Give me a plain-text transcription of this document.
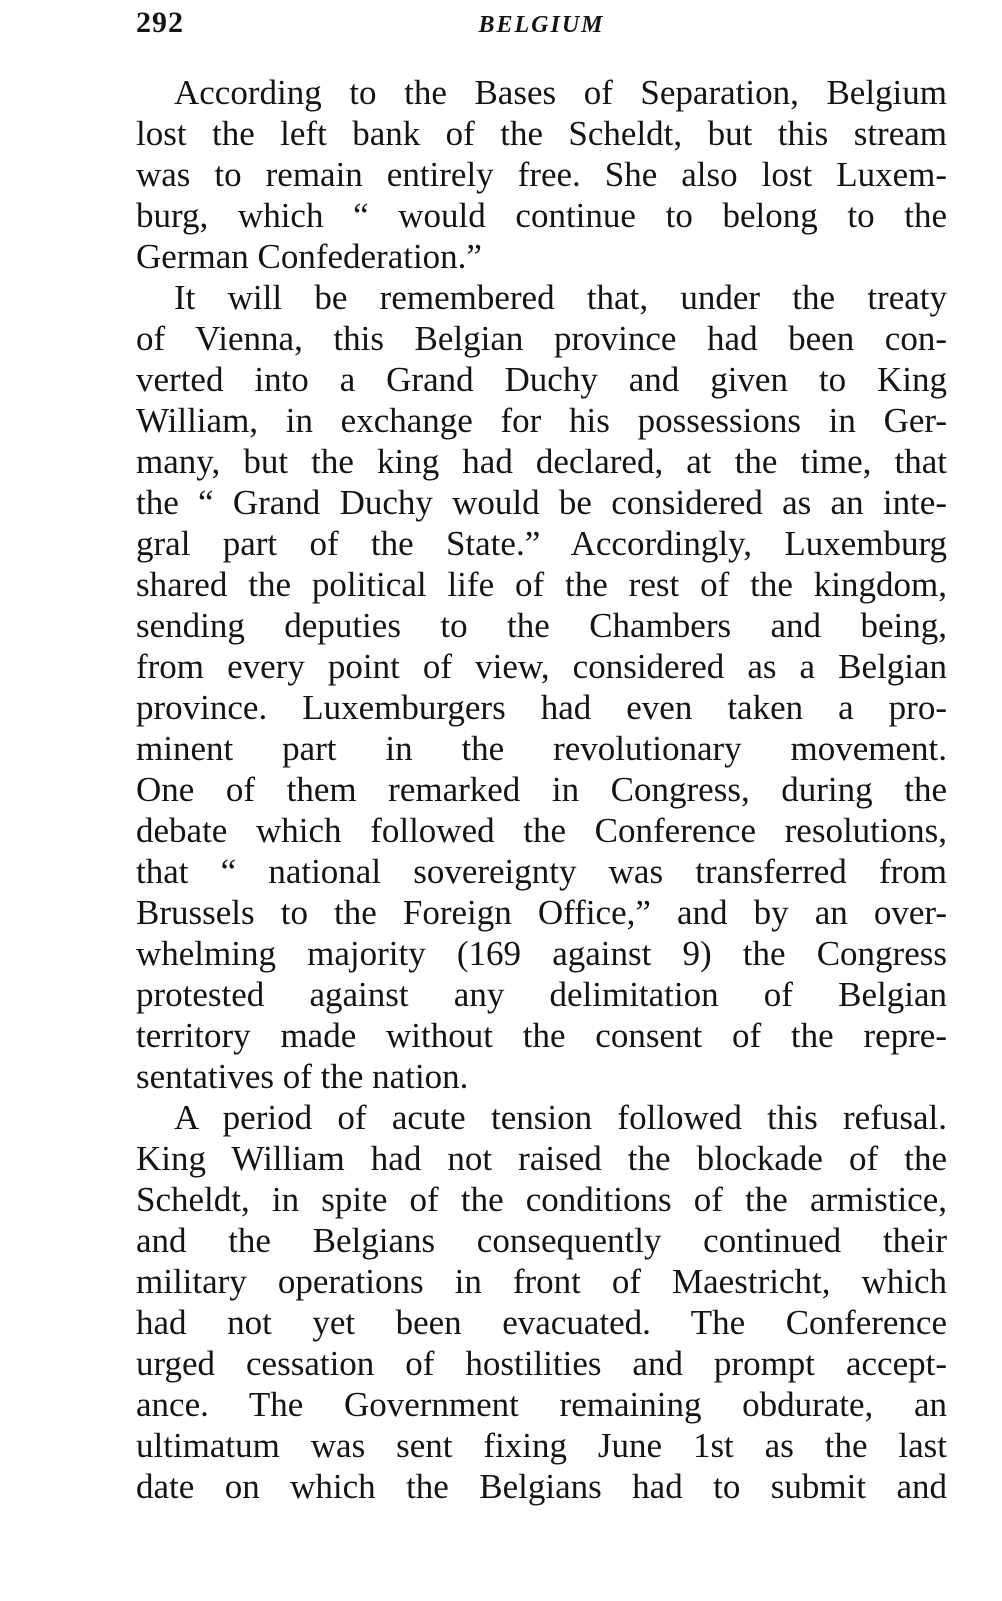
292	BELGIUM
According to the Bases of Separation, Belgium
lost the left bank of the Scheldt, but this stream
was to remain entirely free. She also lost Luxem-
burg, which “ would continue to belong to the
German Confederation.”
It will be remembered that, under the treaty
of Vienna, this Belgian province had been con-
verted into a Grand Duchy and given to King
William, in exchange for his possessions in Ger-
many, but the king had declared, at the time, that
the “ Grand Duchy would be considered as an inte-
gral part of the State.” Accordingly, Luxemburg
shared the political life of the rest of the kingdom,
sending deputies to the Chambers and being,
from every point of view, considered as a Belgian
province. Luxemburgers had even taken a pro-
minent part in the revolutionary movement.
One of them remarked in Congress, during the
debate which followed the Conference resolutions,
that “ national sovereignty was transferred from
Brussels to the Foreign Office,” and by an over-
whelming majority (169 against 9) the Congress
protested against any delimitation of Belgian
territory made without the consent of the repre-
sentatives of the nation.
A period of acute tension followed this refusal.
King William had not raised the blockade of the
Scheldt, in spite of the conditions of the armistice,
and the Belgians consequently continued their
military operations in front of Maestricht, which
had not yet been evacuated. The Conference
urged cessation of hostilities and prompt accept-
ance. The Government remaining obdurate, an
ultimatum was sent fixing June 1st as the last
date on which the Belgians had to submit and
